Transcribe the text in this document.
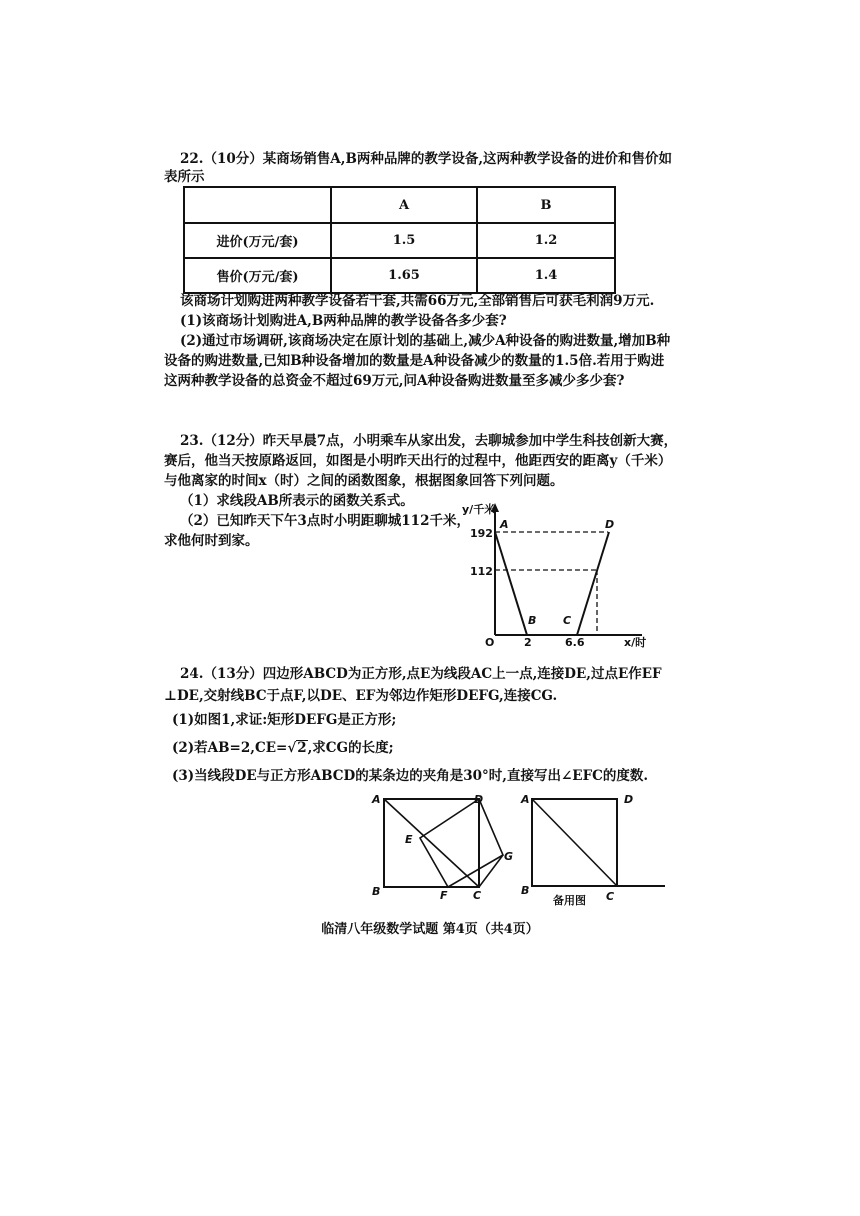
22.（10分）某商场销售A,B两种品牌的教学设备,这两种教学设备的进价和售价如
表所示
	A	B
进价(万元/套)	1.5	1.2
售价(万元/套)	1.65	1.4
该商场计划购进两种教学设备若干套,共需66万元,全部销售后可获毛利润9万元.
(1)该商场计划购进A,B两种品牌的教学设备各多少套?
(2)通过市场调研,该商场决定在原计划的基础上,减少A种设备的购进数量,增加B种
设备的购进数量,已知B种设备增加的数量是A种设备减少的数量的1.5倍.若用于购进
这两种教学设备的总资金不超过69万元,问A种设备购进数量至多减少多少套?
23.（12分）昨天早晨7点，小明乘车从家出发，去聊城参加中学生科技创新大赛，
赛后，他当天按原路返回，如图是小明昨天出行的过程中，他距西安的距离y（千米）
与他离家的时间x（时）之间的函数图象，根据图象回答下列问题。
（1）求线段AB所表示的函数关系式。
（2）已知昨天下午3点时小明距聊城112千米，
求他何时到家。
y/千米
192
112
O	2	6.6	x/时
A
B C
D
A	D
E
G
B	F C
A	D
B	C
备用图
24.（13分）四边形ABCD为正方形,点E为线段AC上一点,连接DE,过点E作EF
⊥DE,交射线BC于点F,以DE、EF为邻边作矩形DEFG,连接CG.
(1)如图1,求证:矩形DEFG是正方形;
(2)若AB=2,CE=√2,求CG的长度;
(3)当线段DE与正方形ABCD的某条边的夹角是30°时,直接写出∠EFC的度数.
临清八年级数学试题 第4页（共4页）
